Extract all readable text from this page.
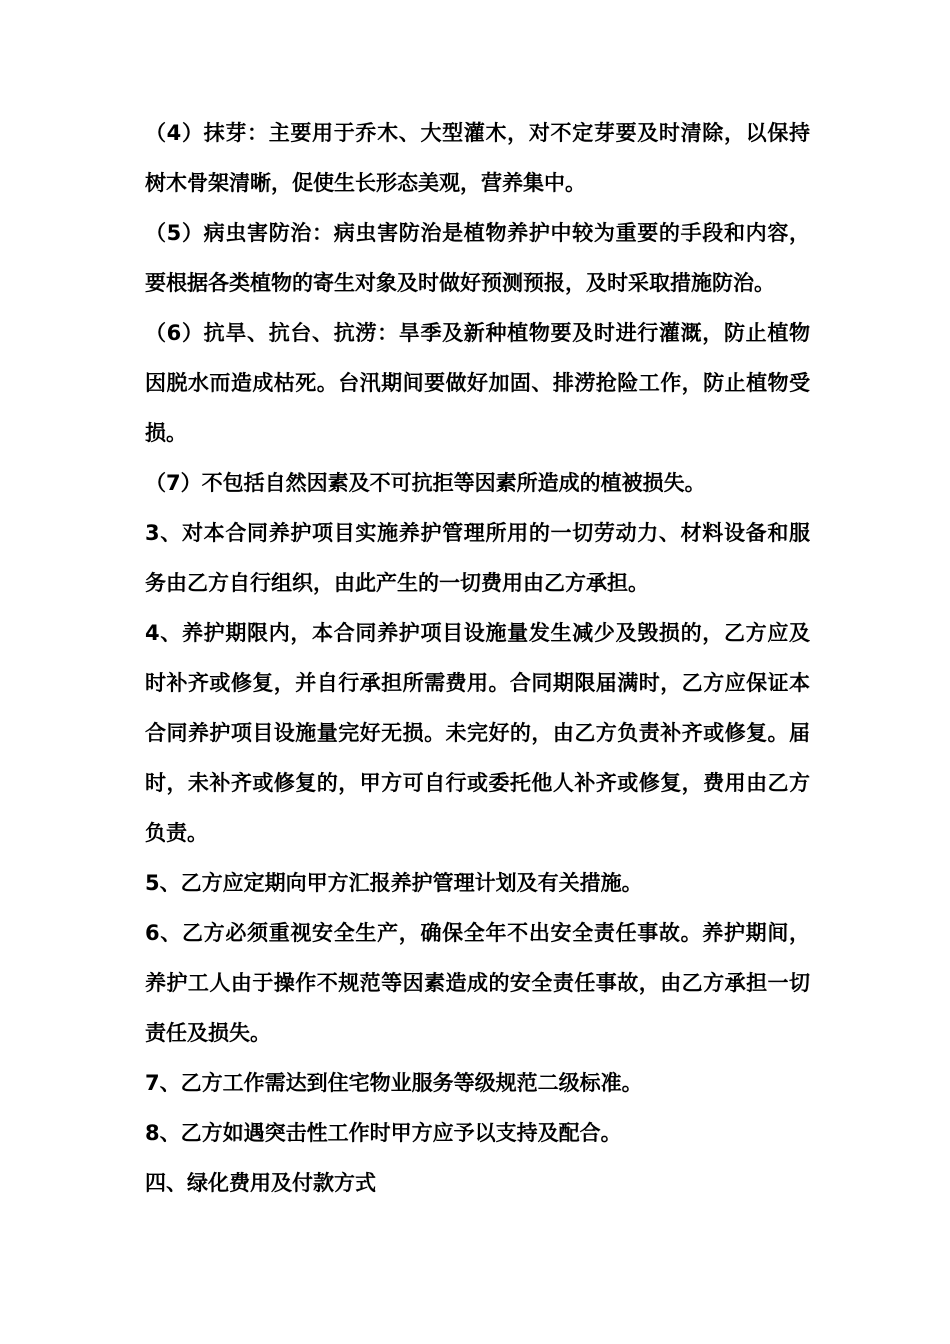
（4）抹芽：主要用于乔木、大型灌木，对不定芽要及时清除，以保持树木骨架清晰，促使生长形态美观，营养集中。

（5）病虫害防治：病虫害防治是植物养护中较为重要的手段和内容，要根据各类植物的寄生对象及时做好预测预报，及时采取措施防治。

（6）抗旱、抗台、抗涝：旱季及新种植物要及时进行灌溉，防止植物因脱水而造成枯死。台汛期间要做好加固、排涝抢险工作，防止植物受损。

（7）不包括自然因素及不可抗拒等因素所造成的植被损失。

3、对本合同养护项目实施养护管理所用的一切劳动力、材料设备和服务由乙方自行组织，由此产生的一切费用由乙方承担。

4、养护期限内，本合同养护项目设施量发生减少及毁损的，乙方应及时补齐或修复，并自行承担所需费用。合同期限届满时，乙方应保证本合同养护项目设施量完好无损。未完好的，由乙方负责补齐或修复。届时，未补齐或修复的，甲方可自行或委托他人补齐或修复，费用由乙方负责。

5、乙方应定期向甲方汇报养护管理计划及有关措施。

6、乙方必须重视安全生产，确保全年不出安全责任事故。养护期间，养护工人由于操作不规范等因素造成的安全责任事故，由乙方承担一切责任及损失。

7、乙方工作需达到住宅物业服务等级规范二级标准。

8、乙方如遇突击性工作时甲方应予以支持及配合。

四、绿化费用及付款方式
